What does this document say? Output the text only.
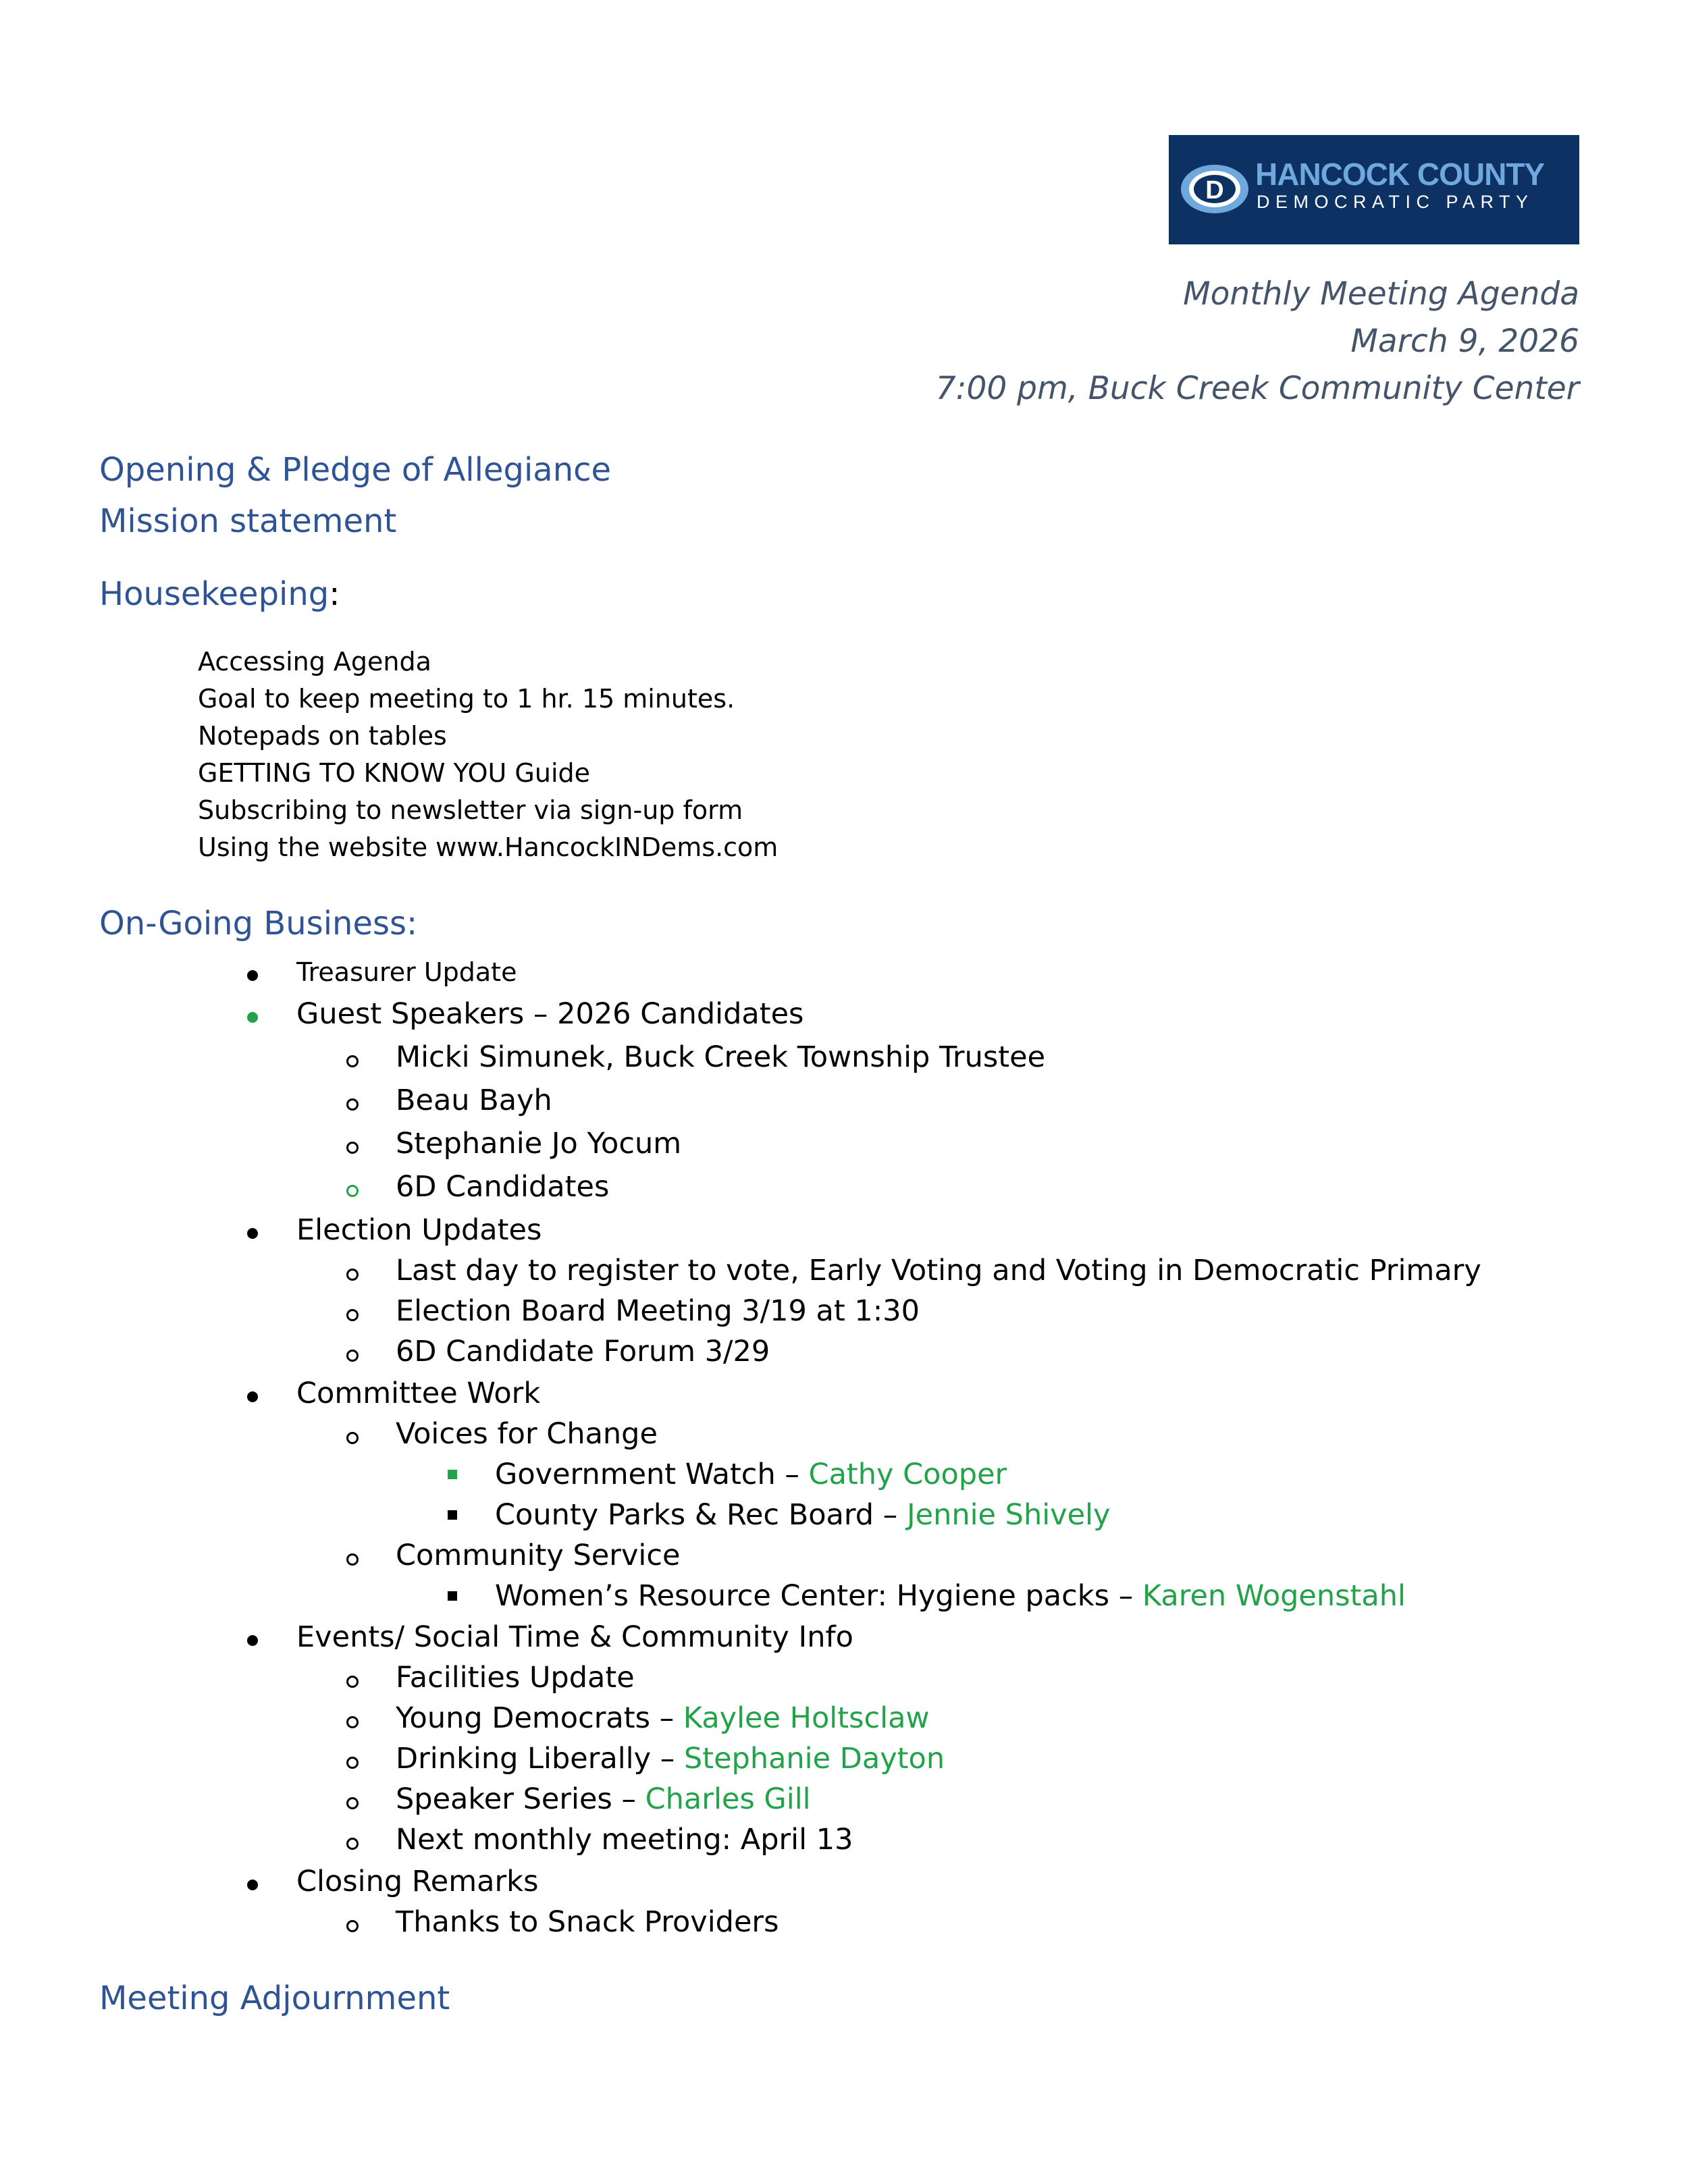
D HANCOCK COUNTY
DEMOCRATIC PARTY
Monthly Meeting Agenda
March 9, 2026
7:00 pm, Buck Creek Community Center
Opening & Pledge of Allegiance
Mission statement
Housekeeping:
Accessing Agenda
Goal to keep meeting to 1 hr. 15 minutes.
Notepads on tables
GETTING TO KNOW YOU Guide
Subscribing to newsletter via sign-up form
Using the website www.HancockINDems.com
On-Going Business:
Treasurer Update
Guest Speakers – 2026 Candidates
Micki Simunek, Buck Creek Township Trustee
Beau Bayh
Stephanie Jo Yocum
6D Candidates
Election Updates
Last day to register to vote, Early Voting and Voting in Democratic Primary
Election Board Meeting 3/19 at 1:30
6D Candidate Forum 3/29
Committee Work
Voices for Change
Government Watch – Cathy Cooper
County Parks & Rec Board – Jennie Shively
Community Service
Women’s Resource Center: Hygiene packs – Karen Wogenstahl
Events/ Social Time & Community Info
Facilities Update
Young Democrats – Kaylee Holtsclaw
Drinking Liberally – Stephanie Dayton
Speaker Series – Charles Gill
Next monthly meeting: April 13
Closing Remarks
Thanks to Snack Providers
Meeting Adjournment
